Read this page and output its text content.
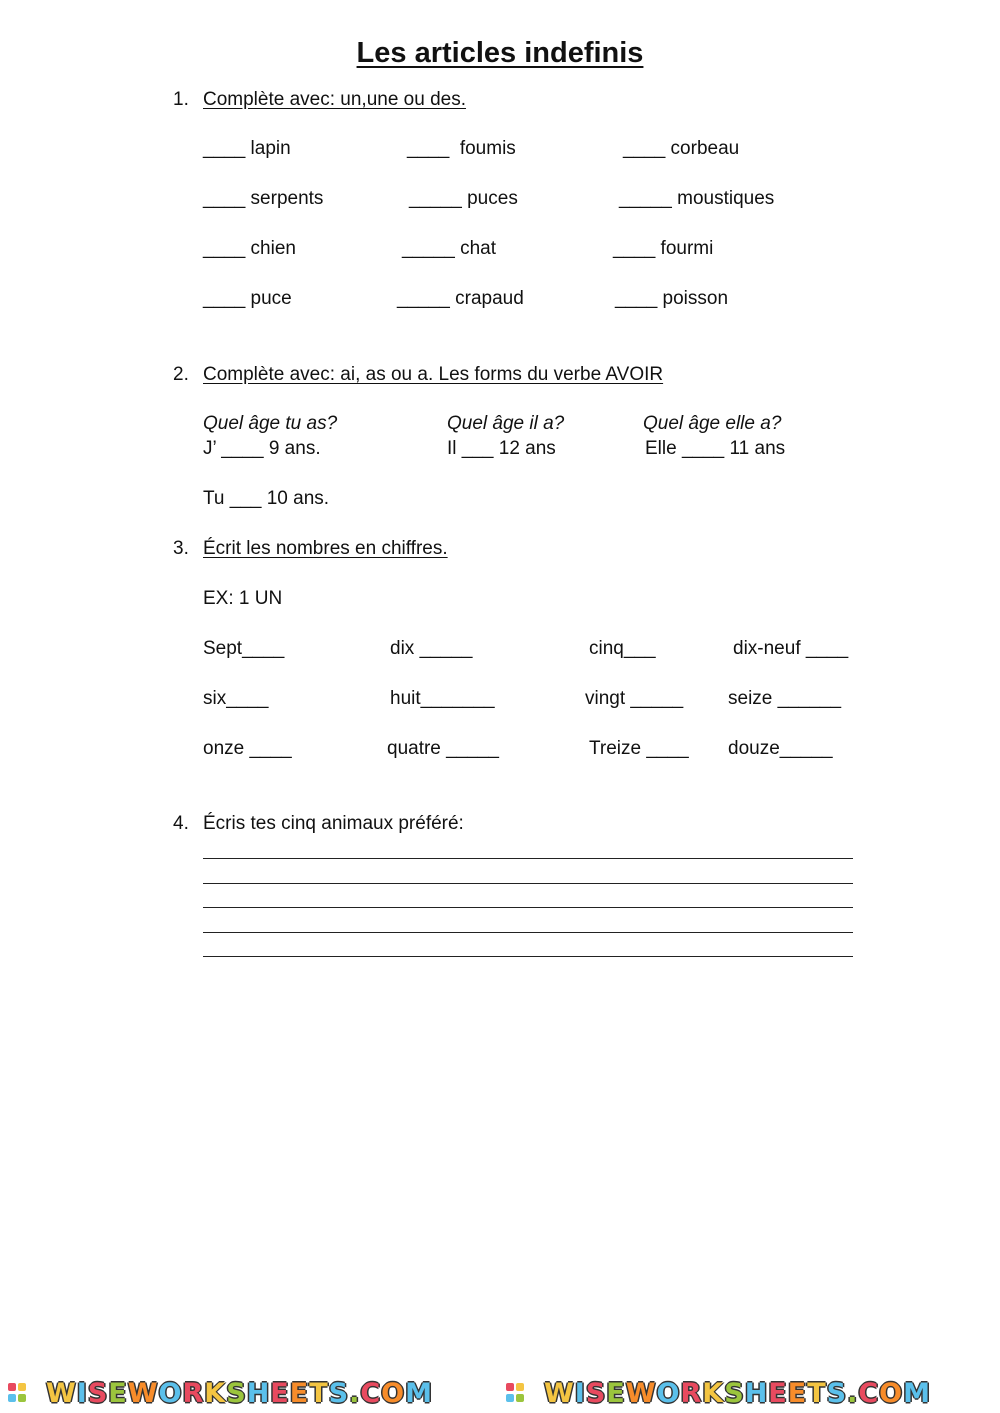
Les articles indefinis
1. Complète avec: un,une ou des.
____ lapin	____  foumis	____ corbeau
____ serpents	_____ puces	_____ moustiques
____ chien	_____ chat	____ fourmi
____ puce	_____ crapaud	____ poisson
2. Complète avec: ai, as ou a. Les forms du verbe AVOIR
Quel âge tu as?	Quel âge il a?	Quel âge elle a?
J’ ____ 9 ans.	Il ___ 12 ans	Elle ____ 11 ans
Tu ___ 10 ans.
3. Écrit les nombres en chiffres.
EX: 1 UN
Sept____	dix _____	cinq___	dix-neuf ____
six____	huit_______	vingt _____ seize ______
onze ____	quatre _____	Treize ____ douze_____
4. Écris tes cinq animaux préféré:
W I S E W O R K S H E E T S . C O M	W I S E W O R K S H E E T S . C O M
